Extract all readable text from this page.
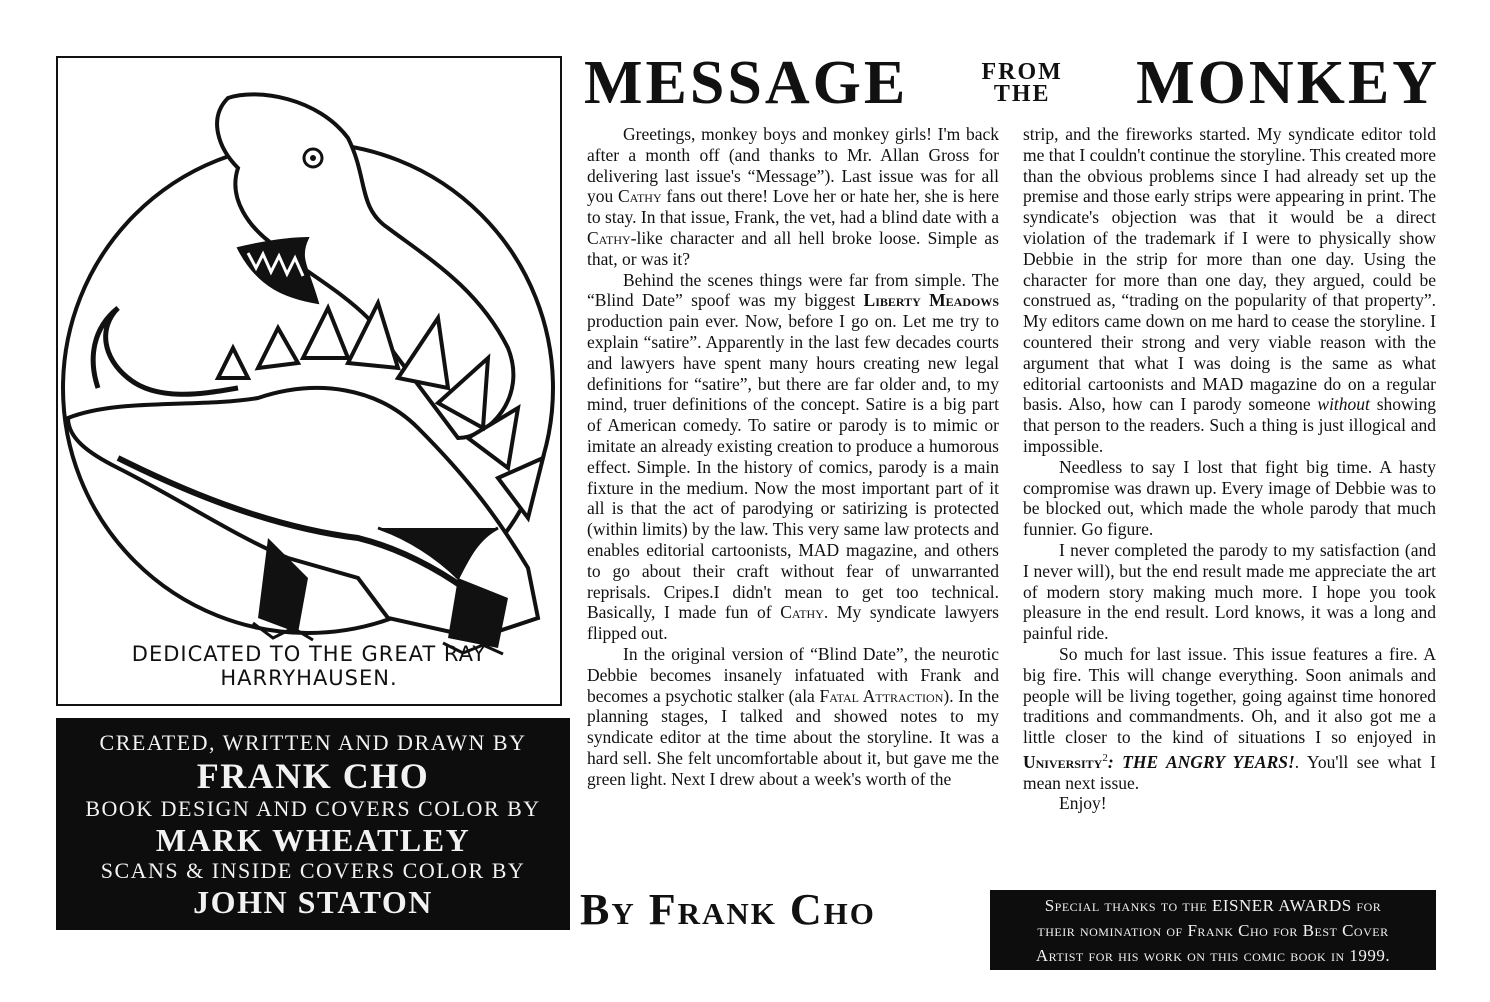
DEDICATED TO THE GREAT RAY HARRYHAUSEN.
CREATED, WRITTEN AND DRAWN BY
FRANK CHO
BOOK DESIGN AND COVERS COLOR BY
MARK WHEATLEY
SCANS & INSIDE COVERS COLOR BY
JOHN STATON
MESSAGE	FROM
THE MONKEY

Greetings, monkey boys and monkey girls! I'm back after a month off (and thanks to Mr. Allan Gross for delivering last issue's “Message”). Last issue was for all you Cathy fans out there! Love her or hate her, she is here to stay. In that issue, Frank, the vet, had a blind date with a Cathy-like character and all hell broke loose. Simple as that, or was it?

Behind the scenes things were far from simple. The “Blind Date” spoof was my biggest Liberty Meadows production pain ever. Now, before I go on. Let me try to explain “satire”. Apparently in the last few decades courts and lawyers have spent many hours creating new legal definitions for “satire”, but there are far older and, to my mind, truer definitions of the concept. Satire is a big part of American comedy. To satire or parody is to mimic or imitate an already existing creation to produce a humorous effect. Simple. In the history of comics, parody is a main fixture in the medium. Now the most important part of it all is that the act of parodying or satirizing is protected (within limits) by the law. This very same law protects and enables editorial cartoonists, MAD magazine, and others to go about their craft without fear of unwarranted reprisals. Cripes.I didn't mean to get too technical. Basically, I made fun of Cathy. My syndicate lawyers flipped out.

In the original version of “Blind Date”, the neurotic Debbie becomes insanely infatuated with Frank and becomes a psychotic stalker (ala Fatal Attraction). In the planning stages, I talked and showed notes to my syndicate editor at the time about the storyline. It was a hard sell. She felt uncomfortable about it, but gave me the green light. Next I drew about a week's worth of the

strip, and the fireworks started. My syndicate editor told me that I couldn't continue the storyline. This created more than the obvious problems since I had already set up the premise and those early strips were appearing in print. The syndicate's objection was that it would be a direct violation of the trademark if I were to physically show Debbie in the strip for more than one day. Using the character for more than one day, they argued, could be construed as, “trading on the popularity of that property”. My editors came down on me hard to cease the storyline. I countered their strong and very viable reason with the argument that what I was doing is the same as what editorial cartoonists and MAD magazine do on a regular basis. Also, how can I parody someone without showing that person to the readers. Such a thing is just illogical and impossible.

Needless to say I lost that fight big time. A hasty compromise was drawn up. Every image of Debbie was to be blocked out, which made the whole parody that much funnier. Go figure.

I never completed the parody to my satisfaction (and I never will), but the end result made me appreciate the art of modern story making much more. I hope you took pleasure in the end result. Lord knows, it was a long and painful ride.

So much for last issue. This issue features a fire. A big fire. This will change everything. Soon animals and people will be living together, going against time honored traditions and commandments. Oh, and it also got me a little closer to the kind of situations I so enjoyed in University$^2$: THE ANGRY YEARS!. You'll see what I mean next issue.

Enjoy!

By Frank Cho	Special thanks to the EISNER AWARDS for
their nomination of Frank Cho for Best Cover
Artist for his work on this comic book in 1999.
